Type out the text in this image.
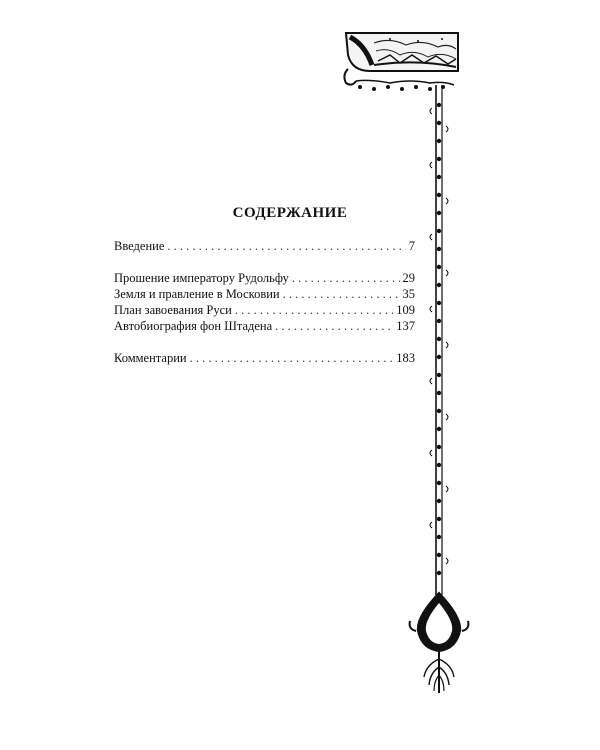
СОДЕРЖАНИЕ
Введение . . .	7
Прошение императору Рудольфу . . .	29
Земля и правление в Московии . . .	35
План завоевания Руси . . .	109
Автобиография фон Штадена . . .	137
Комментарии . . .	183
